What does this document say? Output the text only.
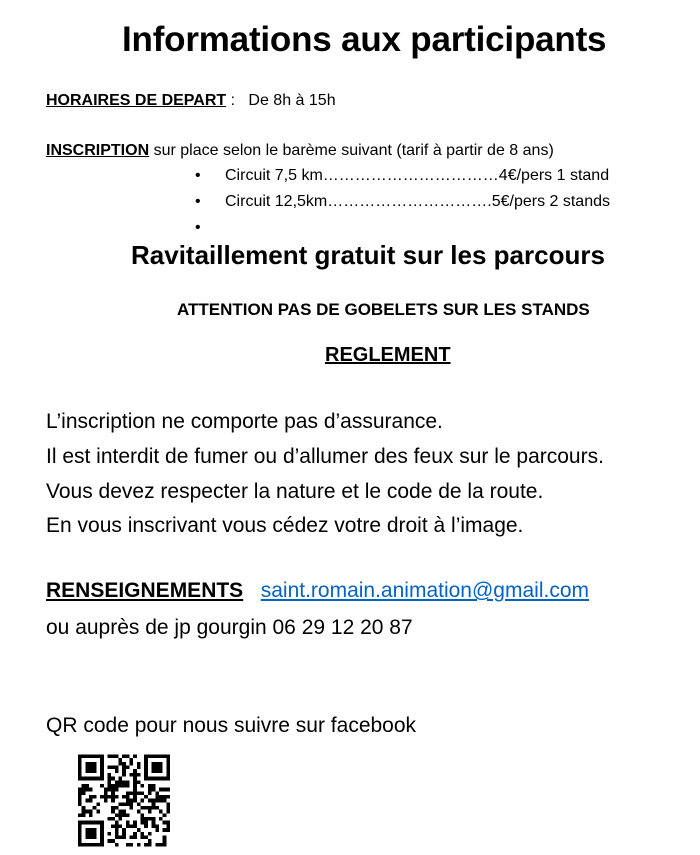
Informations aux participants
HORAIRES DE DEPART : De 8h à 15h
INSCRIPTION sur place selon le barème suivant (tarif à partir de 8 ans)
• Circuit 7,5 km……………………………4€/pers 1 stand
• Circuit 12,5km………………………….5€/pers 2 stands
•
Ravitaillement gratuit sur les parcours
ATTENTION PAS DE GOBELETS SUR LES STANDS
REGLEMENT
L’inscription ne comporte pas d’assurance.
Il est interdit de fumer ou d’allumer des feux sur le parcours.
Vous devez respecter la nature et le code de la route.
En vous inscrivant vous cédez votre droit à l’image.
RENSEIGNEMENTS saint.romain.animation@gmail.com
ou auprès de jp gourgin 06 29 12 20 87
QR code pour nous suivre sur facebook
